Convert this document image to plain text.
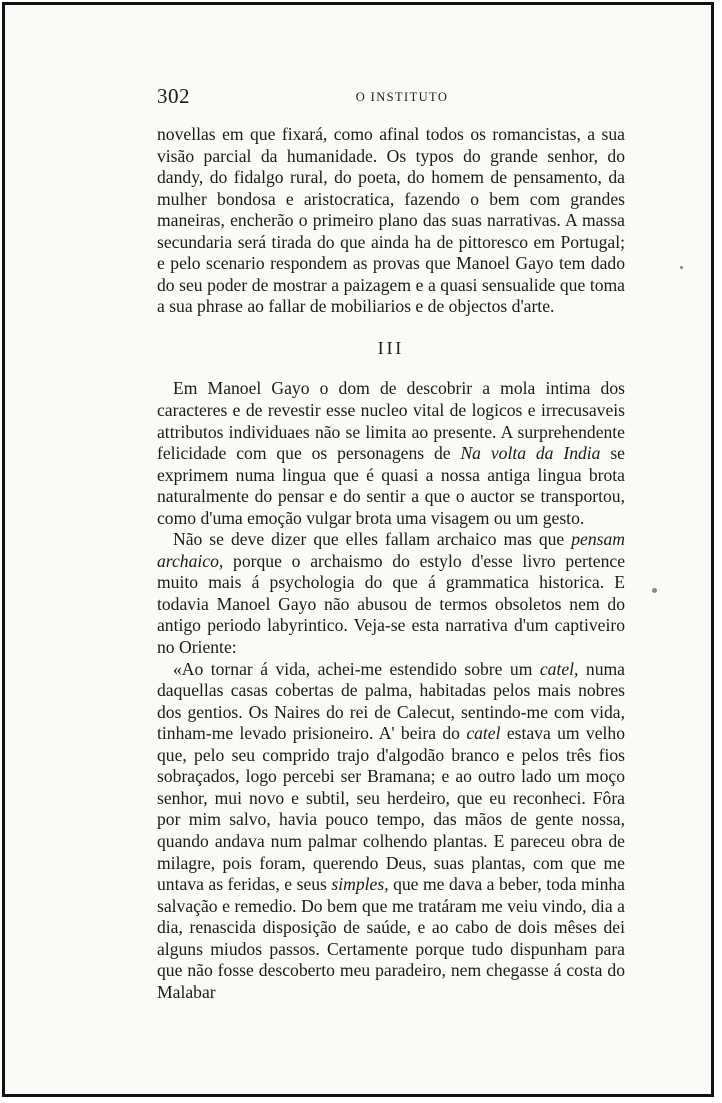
302	O INSTITUTO

novellas em que fixará, como afinal todos os romancistas, a sua visão parcial da humanidade. Os typos do grande senhor, do dandy, do fidalgo rural, do poeta, do homem de pensamento, da mulher bondosa e aristocratica, fazendo o bem com grandes maneiras, encherão o primeiro plano das suas narrativas. A massa secundaria será tirada do que ainda ha de pittoresco em Portugal; e pelo scenario respondem as provas que Manoel Gayo tem dado do seu poder de mostrar a paizagem e a quasi sensualide que toma a sua phrase ao fallar de mobiliarios e de objectos d'arte.

III

Em Manoel Gayo o dom de descobrir a mola intima dos caracteres e de revestir esse nucleo vital de logicos e irrecusaveis attributos individuaes não se limita ao presente. A surprehendente felicidade com que os personagens de Na volta da India se exprimem numa lingua que é quasi a nossa antiga lingua brota naturalmente do pensar e do sentir a que o auctor se transportou, como d'uma emoção vulgar brota uma visagem ou um gesto.

Não se deve dizer que elles fallam archaico mas que pensam archaico, porque o archaismo do estylo d'esse livro pertence muito mais á psychologia do que á grammatica historica. E todavia Manoel Gayo não abusou de termos obsoletos nem do antigo periodo labyrintico. Veja-se esta narrativa d'um captiveiro no Oriente:

«Ao tornar á vida, achei-me estendido sobre um catel, numa daquellas casas cobertas de palma, habitadas pelos mais nobres dos gentios. Os Naires do rei de Calecut, sentindo-me com vida, tinham-me levado prisioneiro. A' beira do catel estava um velho que, pelo seu comprido trajo d'algodão branco e pelos três fios sobraçados, logo percebi ser Bramana; e ao outro lado um moço senhor, mui novo e subtil, seu herdeiro, que eu reconheci. Fôra por mim salvo, havia pouco tempo, das mãos de gente nossa, quando andava num palmar colhendo plantas. E pareceu obra de milagre, pois foram, querendo Deus, suas plantas, com que me untava as feridas, e seus simples, que me dava a beber, toda minha salvação e remedio. Do bem que me tratáram me veiu vindo, dia a dia, renascida disposição de saúde, e ao cabo de dois mêses dei alguns miudos passos. Certamente porque tudo dispunham para que não fosse descoberto meu paradeiro, nem chegasse á costa do Malabar
